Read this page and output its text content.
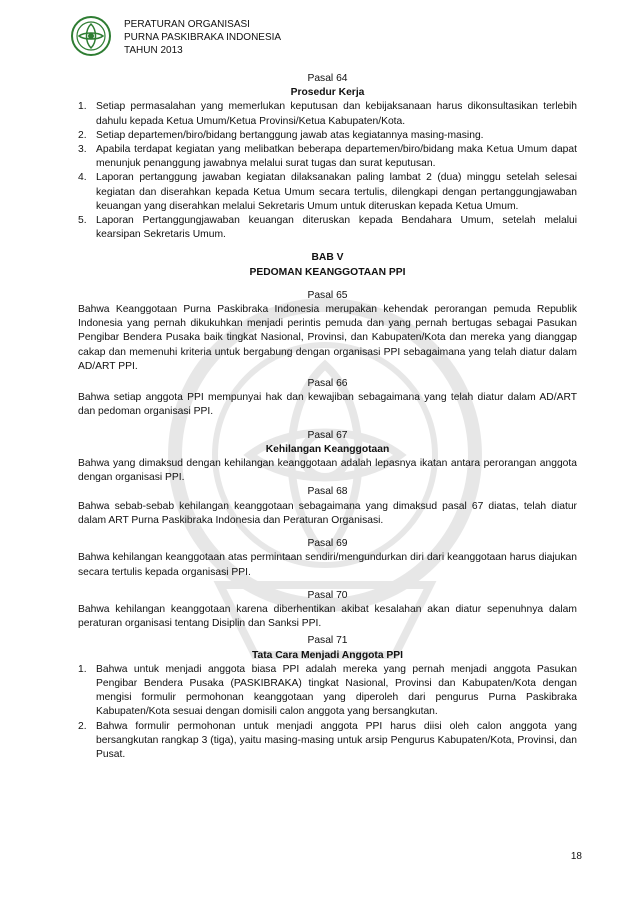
PERATURAN ORGANISASI
PURNA PASKIBRAKA INDONESIA
TAHUN 2013
Pasal 64
Prosedur Kerja
1. Setiap permasalahan yang memerlukan keputusan dan kebijaksanaan harus dikonsultasikan terlebih dahulu kepada Ketua Umum/Ketua Provinsi/Ketua Kabupaten/Kota.
2. Setiap departemen/biro/bidang bertanggung jawab atas kegiatannya masing-masing.
3. Apabila terdapat kegiatan yang melibatkan beberapa departemen/biro/bidang maka Ketua Umum dapat menunjuk penanggung jawabnya melalui surat tugas dan surat keputusan.
4. Laporan pertanggung jawaban kegiatan dilaksanakan paling lambat 2 (dua) minggu setelah selesai kegiatan dan diserahkan kepada Ketua Umum secara tertulis, dilengkapi dengan pertanggungjawaban keuangan yang diserahkan melalui Sekretaris Umum untuk diteruskan kepada Ketua Umum.
5. Laporan Pertanggungjawaban keuangan diteruskan kepada Bendahara Umum, setelah melalui kearsipan Sekretaris Umum.
BAB V
PEDOMAN KEANGGOTAAN PPI
Pasal 65
Bahwa Keanggotaan Purna Paskibraka Indonesia merupakan kehendak perorangan pemuda Republik Indonesia yang pernah dikukuhkan menjadi perintis pemuda dan yang pernah bertugas sebagai Pasukan Pengibar Bendera Pusaka baik tingkat Nasional, Provinsi, dan Kabupaten/Kota dan mereka yang dianggap cakap dan memenuhi kriteria untuk bergabung dengan organisasi PPI sebagaimana yang telah diatur dalam AD/ART PPI.
Pasal 66
Bahwa setiap anggota PPI mempunyai hak dan kewajiban sebagaimana yang telah diatur dalam AD/ART dan pedoman organisasi PPI.
Pasal 67
Kehilangan Keanggotaan
Bahwa yang dimaksud dengan kehilangan keanggotaan adalah lepasnya ikatan antara perorangan anggota dengan organisasi PPI.
Pasal 68
Bahwa sebab-sebab kehilangan keanggotaan sebagaimana yang dimaksud pasal 67 diatas, telah diatur dalam ART Purna Paskibraka Indonesia dan Peraturan Organisasi.
Pasal 69
Bahwa kehilangan keanggotaan atas permintaan sendiri/mengundurkan diri dari keanggotaan harus diajukan secara tertulis kepada organisasi PPI.
Pasal 70
Bahwa kehilangan keanggotaan karena diberhentikan akibat kesalahan akan diatur sepenuhnya dalam peraturan organisasi tentang Disiplin dan Sanksi PPI.
Pasal 71
Tata Cara Menjadi Anggota PPI
1. Bahwa untuk menjadi anggota biasa PPI adalah mereka yang pernah menjadi anggota Pasukan Pengibar Bendera Pusaka (PASKIBRAKA) tingkat Nasional, Provinsi dan Kabupaten/Kota dengan mengisi formulir permohonan keanggotaan yang diperoleh dari pengurus Purna Paskibraka Kabupaten/Kota sesuai dengan domisili calon anggota yang bersangkutan.
2. Bahwa formulir permohonan untuk menjadi anggota PPI harus diisi oleh calon anggota yang bersangkutan rangkap 3 (tiga), yaitu masing-masing untuk arsip Pengurus Kabupaten/Kota, Provinsi, dan Pusat.
18
